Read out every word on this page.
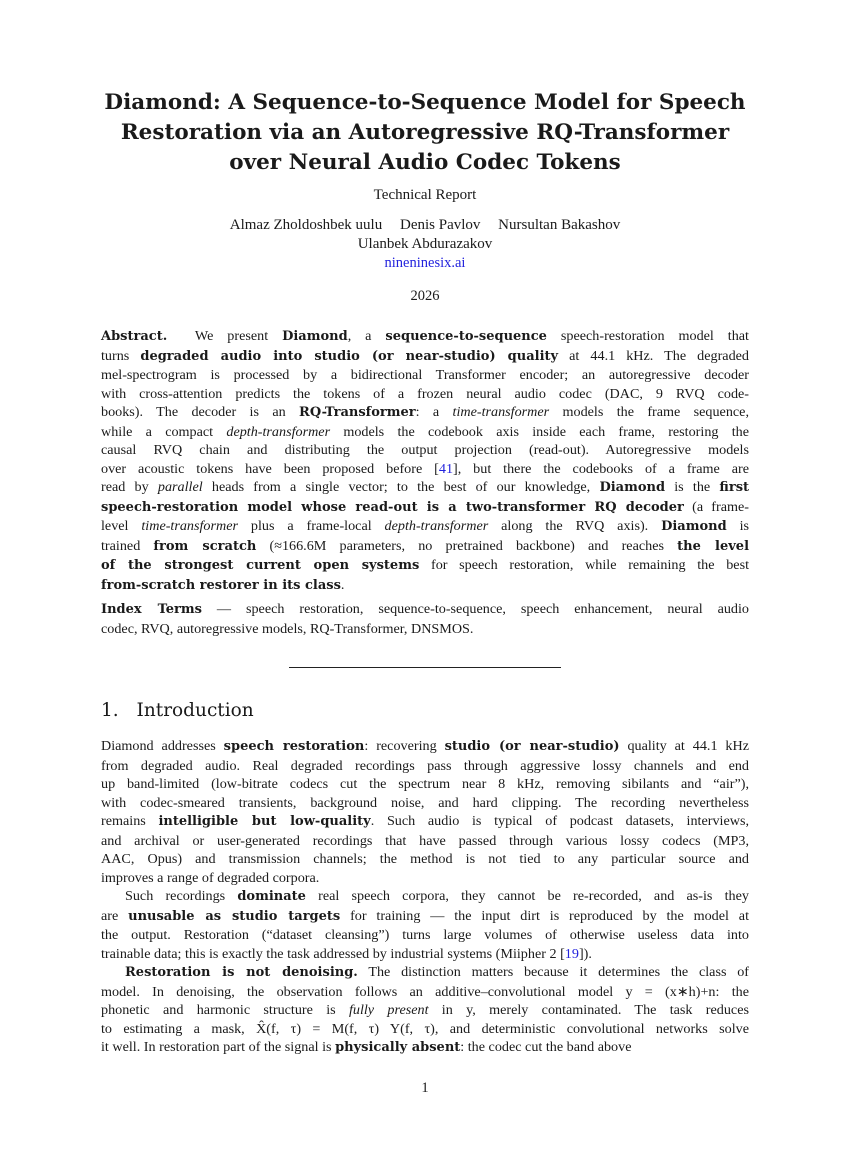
Diamond: A Sequence-to-Sequence Model for Speech
Restoration via an Autoregressive RQ-Transformer
over Neural Audio Codec Tokens
Technical Report
Almaz Zholdoshbek uulu Denis Pavlov Nursultan Bakashov
Ulanbek Abdurazakov
nineninesix.ai
2026

Abstract.  We present Diamond, a sequence-to-sequence speech-restoration model that
turns degraded audio into studio (or near-studio) quality at 44.1 kHz. The degraded
mel-spectrogram is processed by a bidirectional Transformer encoder; an autoregressive decoder
with cross-attention predicts the tokens of a frozen neural audio codec (DAC, 9 RVQ code-
books). The decoder is an RQ-Transformer: a time-transformer models the frame sequence,
while a compact depth-transformer models the codebook axis inside each frame, restoring the
causal RVQ chain and distributing the output projection (read-out). Autoregressive models
over acoustic tokens have been proposed before [41], but there the codebooks of a frame are
read by parallel heads from a single vector; to the best of our knowledge, Diamond is the first
speech-restoration model whose read-out is a two-transformer RQ decoder (a frame-
level time-transformer plus a frame-local depth-transformer along the RVQ axis). Diamond is
trained from scratch (≈166.6M parameters, no pretrained backbone) and reaches the level
of the strongest current open systems for speech restoration, while remaining the best
from-scratch restorer in its class.

Index Terms — speech restoration, sequence-to-sequence, speech enhancement, neural audio
codec, RVQ, autoregressive models, RQ-Transformer, DNSMOS.

1. Introduction

Diamond addresses speech restoration: recovering studio (or near-studio) quality at 44.1 kHz
from degraded audio. Real degraded recordings pass through aggressive lossy channels and end
up band-limited (low-bitrate codecs cut the spectrum near 8 kHz, removing sibilants and “air”),
with codec-smeared transients, background noise, and hard clipping. The recording nevertheless
remains intelligible but low-quality. Such audio is typical of podcast datasets, interviews,
and archival or user-generated recordings that have passed through various lossy codecs (MP3,
AAC, Opus) and transmission channels; the method is not tied to any particular source and
improves a range of degraded corpora.

Such recordings dominate real speech corpora, they cannot be re-recorded, and as-is they
are unusable as studio targets for training — the input dirt is reproduced by the model at
the output. Restoration (“dataset cleansing”) turns large volumes of otherwise useless data into
trainable data; this is exactly the task addressed by industrial systems (Miipher 2 [19]).

Restoration is not denoising. The distinction matters because it determines the class of
model. In denoising, the observation follows an additive–convolutional model y = (x∗h)+n: the
phonetic and harmonic structure is fully present in y, merely contaminated. The task reduces
to estimating a mask, X̂(f, τ) = M(f, τ) Y(f, τ), and deterministic convolutional networks solve
it well. In restoration part of the signal is physically absent: the codec cut the band above

1
